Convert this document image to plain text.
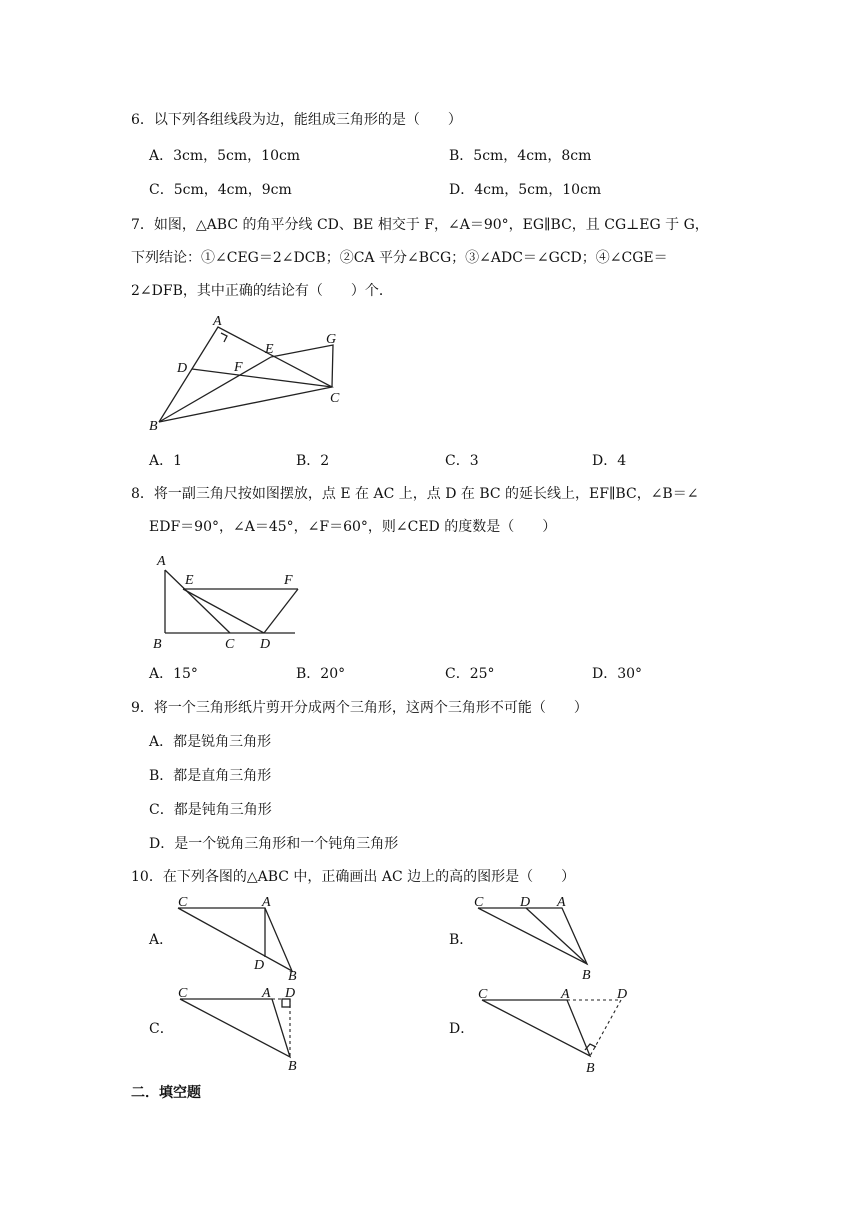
6．以下列各组线段为边，能组成三角形的是（　　）
A．3cm，5cm，10cm	B．5cm，4cm，8cm
C．5cm，4cm，9cm	D．4cm，5cm，10cm
7．如图，△ABC 的角平分线 CD、BE 相交于 F，∠A＝90°，EG∥BC，且 CG⊥EG 于 G，
下列结论：①∠CEG＝2∠DCB；②CA 平分∠BCG；③∠ADC＝∠GCD；④∠CGE＝
2∠DFB，其中正确的结论有（　　）个．
A
B
C
D
E
F
G
A．1	B．2	C．3	D．4
8．将一副三角尺按如图摆放，点 E 在 AC 上，点 D 在 BC 的延长线上，EF∥BC，∠B＝∠
EDF＝90°，∠A＝45°，∠F＝60°，则∠CED 的度数是（　　）
A
B	C D
E	F
A．15°	B．20°	C．25°	D．30°
9．将一个三角形纸片剪开分成两个三角形，这两个三角形不可能（　　）
A．都是锐角三角形
B．都是直角三角形
C．都是钝角三角形
D．是一个锐角三角形和一个钝角三角形
10．在下列各图的△ABC 中，正确画出 AC 边上的高的图形是（　　）
A．
C	A
D
B
B．
C	D A
B
C．
C	A D
B
D．
C	A	D
B
二．填空题
